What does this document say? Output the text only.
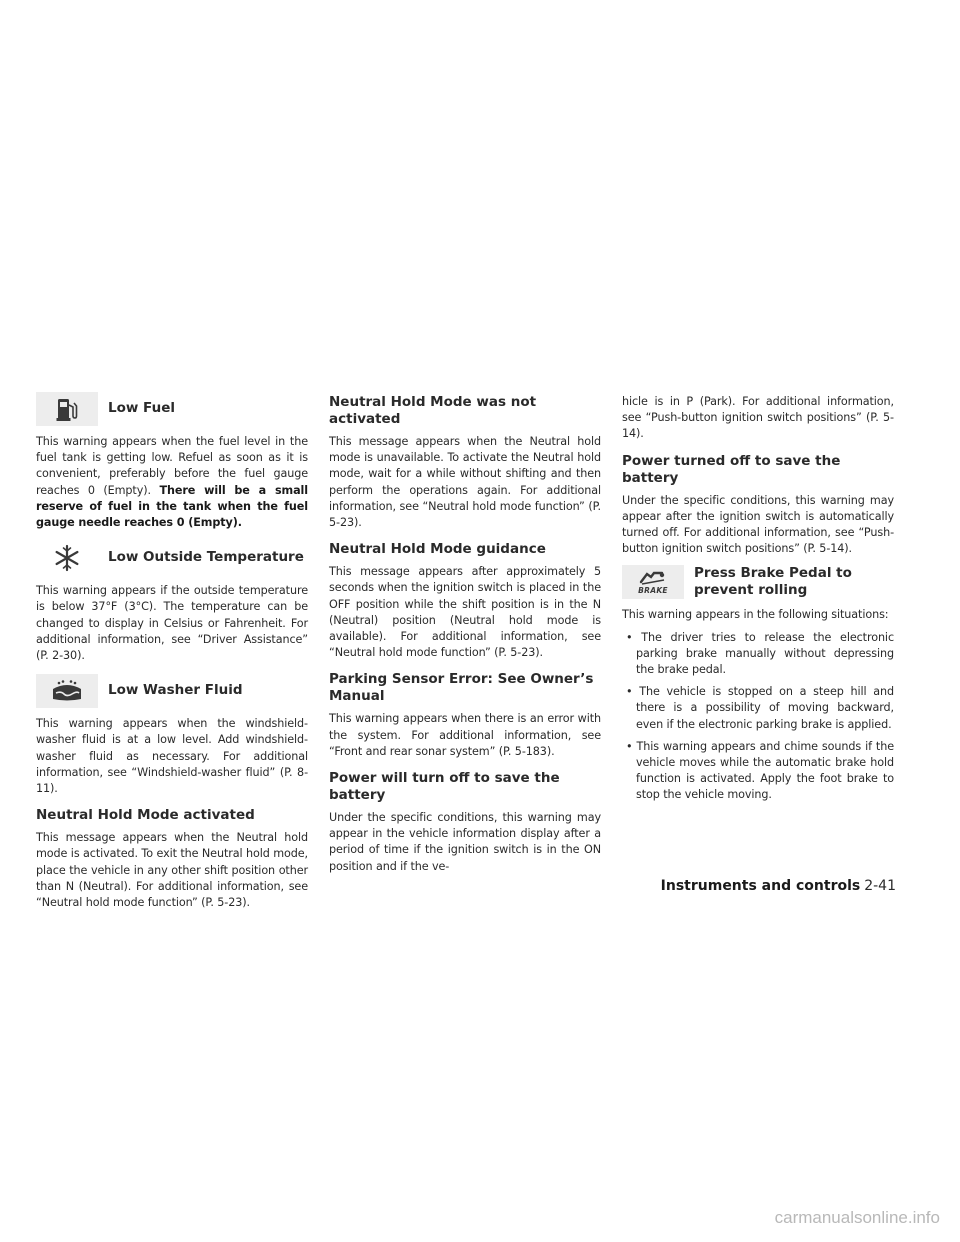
Low Fuel

This warning appears when the fuel level in the fuel tank is getting low. Refuel as soon as it is convenient, preferably before the fuel gauge reaches 0 (Empty). There will be a small reserve of fuel in the tank when the fuel gauge needle reaches 0 (Empty).

Low Outside Temperature

This warning appears if the outside temperature is below 37°F (3°C). The temperature can be changed to display in Celsius or Fahrenheit. For additional information, see “Driver Assistance” (P. 2-30).

Low Washer Fluid

This warning appears when the windshield-washer fluid is at a low level. Add windshield-washer fluid as necessary. For additional information, see “Windshield-washer fluid” (P. 8-11).

Neutral Hold Mode activated

This message appears when the Neutral hold mode is activated. To exit the Neutral hold mode, place the vehicle in any other shift position other than N (Neutral). For additional information, see “Neutral hold mode function” (P. 5-23).

Neutral Hold Mode was not activated

This message appears when the Neutral hold mode is unavailable. To activate the Neutral hold mode, wait for a while without shifting and then perform the operations again. For additional information, see “Neutral hold mode function” (P. 5-23).

Neutral Hold Mode guidance

This message appears after approximately 5 seconds when the ignition switch is placed in the OFF position while the shift position is in the N (Neutral) position (Neutral hold mode is available). For additional information, see “Neutral hold mode function” (P. 5-23).

Parking Sensor Error: See Owner’s Manual

This warning appears when there is an error with the system. For additional information, see “Front and rear sonar system” (P. 5-183).

Power will turn off to save the battery

Under the specific conditions, this warning may appear in the vehicle information display after a period of time if the ignition switch is in the ON position and if the ve-

hicle is in P (Park). For additional information, see “Push-button ignition switch positions” (P. 5-14).

Power turned off to save the battery

Under the specific conditions, this warning may appear after the ignition switch is automatically turned off. For additional information, see “Push-button ignition switch positions” (P. 5-14).

BRAKE
Press Brake Pedal to prevent rolling

This warning appears in the following situations:

• The driver tries to release the electronic parking brake manually without depressing the brake pedal.
• The vehicle is stopped on a steep hill and there is a possibility of moving backward, even if the electronic parking brake is applied.
• This warning appears and chime sounds if the vehicle moves while the automatic brake hold function is activated. Apply the foot brake to stop the vehicle moving.
Instruments and controls 2-41
carmanualsonline.info
